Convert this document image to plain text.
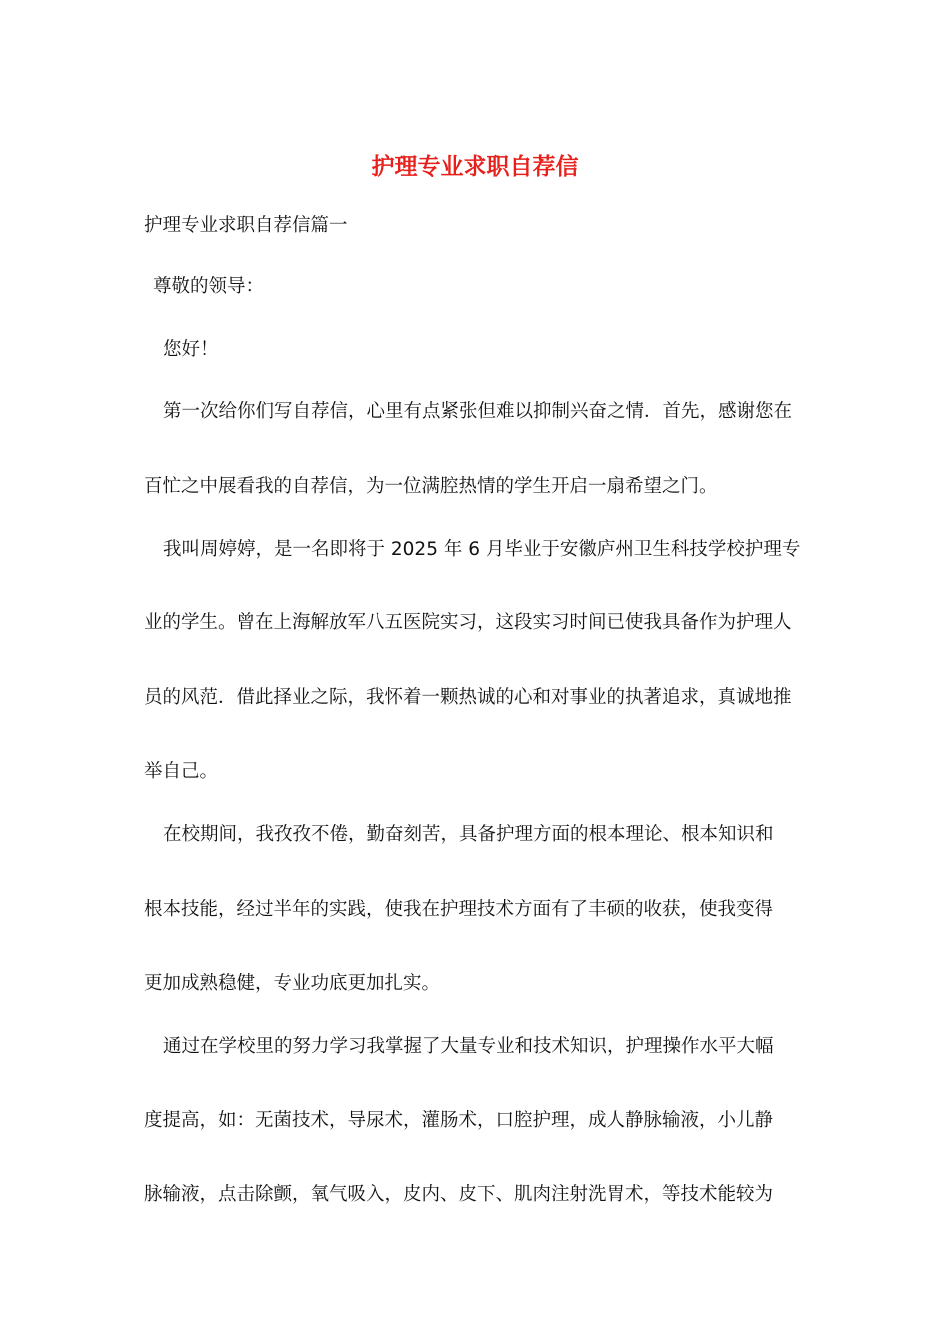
护理专业求职自荐信

护理专业求职自荐信篇一

尊敬的领导：

您好！

第一次给你们写自荐信，心里有点紧张但难以抑制兴奋之情．首先，感谢您在

百忙之中展看我的自荐信，为一位满腔热情的学生开启一扇希望之门。

我叫周婷婷，是一名即将于 2025 年 6 月毕业于安徽庐州卫生科技学校护理专

业的学生。曾在上海解放军八五医院实习，这段实习时间已使我具备作为护理人

员的风范．借此择业之际，我怀着一颗热诚的心和对事业的执著追求，真诚地推

举自己。

在校期间，我孜孜不倦，勤奋刻苦，具备护理方面的根本理论、根本知识和

根本技能，经过半年的实践，使我在护理技术方面有了丰硕的收获，使我变得

更加成熟稳健，专业功底更加扎实。

通过在学校里的努力学习我掌握了大量专业和技术知识，护理操作水平大幅

度提高，如：无菌技术，导尿术，灌肠术，口腔护理，成人静脉输液，小儿静

脉输液，点击除颤，氧气吸入，皮内、皮下、肌肉注射洗胃术，等技术能较为
